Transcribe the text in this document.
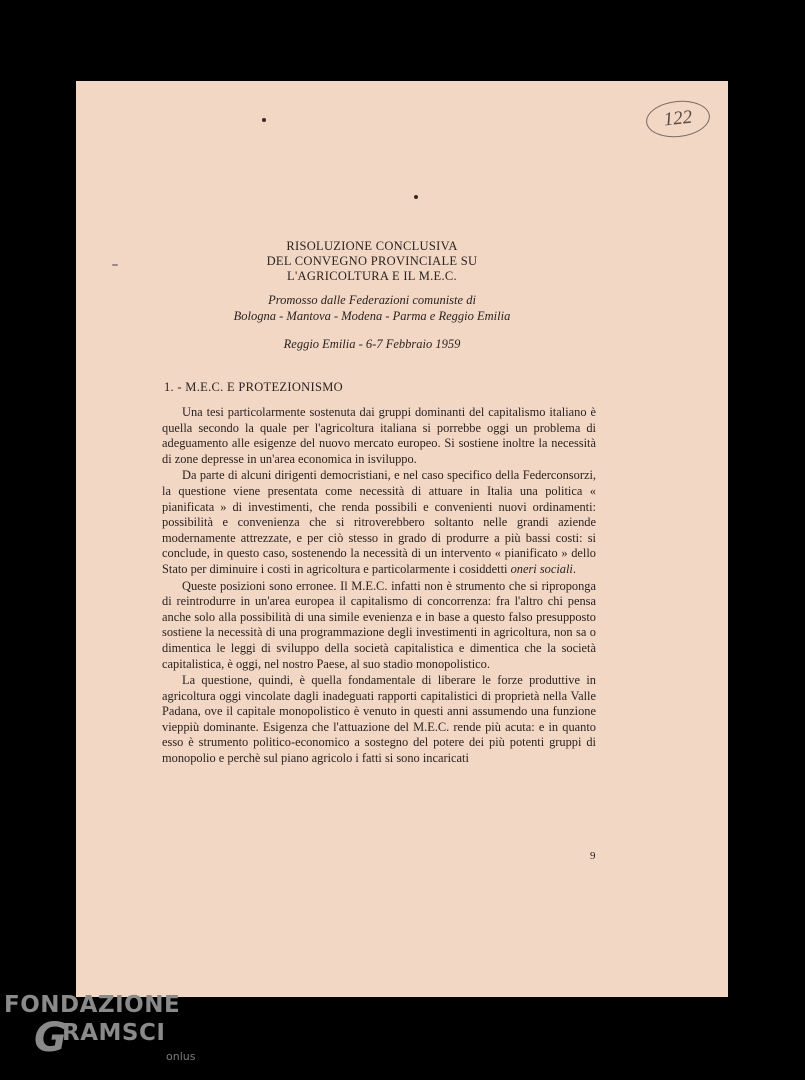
122
RISOLUZIONE CONCLUSIVA
DEL CONVEGNO PROVINCIALE SU
L'AGRICOLTURA E IL M.E.C.
Promosso dalle Federazioni comuniste di
Bologna - Mantova - Modena - Parma e Reggio Emilia
Reggio Emilia - 6-7 Febbraio 1959
1. - M.E.C. E PROTEZIONISMO

Una tesi particolarmente sostenuta dai gruppi dominanti del capitalismo italiano è quella secondo la quale per l'agricoltura italiana si porrebbe oggi un problema di adeguamento alle esigenze del nuovo mercato europeo. Si sostiene inoltre la necessità di zone depresse in un'area economica in isviluppo.

Da parte di alcuni dirigenti democristiani, e nel caso specifico della Federconsorzi, la questione viene presentata come necessità di attuare in Italia una politica « pianificata » di investimenti, che renda possibili e convenienti nuovi ordinamenti: possibilità e convenienza che si ritroverebbero soltanto nelle grandi aziende modernamente attrezzate, e per ciò stesso in grado di produrre a più bassi costi: si conclude, in questo caso, sostenendo la necessità di un intervento « pianificato » dello Stato per diminuire i costi in agricoltura e particolarmente i cosiddetti oneri sociali.

Queste posizioni sono erronee. Il M.E.C. infatti non è strumento che si riproponga di reintrodurre in un'area europea il capitalismo di concorrenza: fra l'altro chi pensa anche solo alla possibilità di una simile evenienza e in base a questo falso presupposto sostiene la necessità di una programmazione degli investimenti in agricoltura, non sa o dimentica le leggi di sviluppo della società capitalistica e dimentica che la società capitalistica, è oggi, nel nostro Paese, al suo stadio monopolistico.

La questione, quindi, è quella fondamentale di liberare le forze produttive in agricoltura oggi vincolate dagli inadeguati rapporti capitalistici di proprietà nella Valle Padana, ove il capitale monopolistico è venuto in questi anni assumendo una funzione vieppiù dominante. Esigenza che l'attuazione del M.E.C. rende più acuta: e in quanto esso è strumento politico-economico a sostegno del potere dei più potenti gruppi di monopolio e perchè sul piano agricolo i fatti si sono incaricati

9
FONDAZIONE
G
RAMSCI
onlus
